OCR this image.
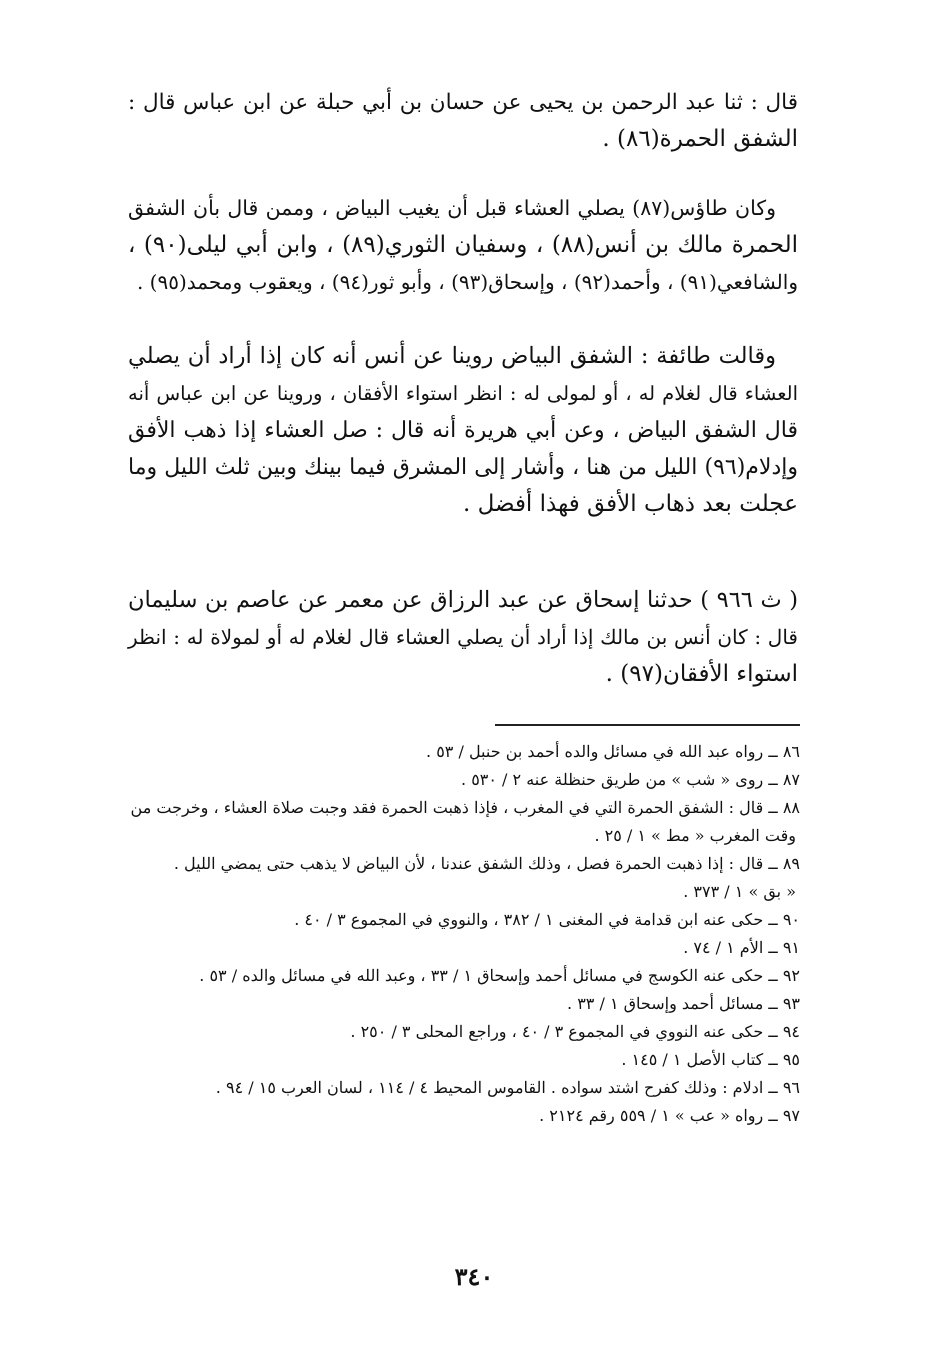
قال : ثنا عبد الرحمن بن يحيى عن حسان بن أبي حبلة عن ابن عباس قال :
الشفق الحمرة(٨٦) .
وكان طاؤس(٨٧) يصلي العشاء قبل أن يغيب البياض ، وممن قال بأن الشفق
الحمرة مالك بن أنس(٨٨) ، وسفيان الثوري(٨٩) ، وابن أبي ليلى(٩٠) ،
والشافعي(٩١) ، وأحمد(٩٢) ، وإسحاق(٩٣) ، وأبو ثور(٩٤) ، ويعقوب ومحمد(٩٥) .
وقالت طائفة : الشفق البياض روينا عن أنس أنه كان إذا أراد أن يصلي
العشاء قال لغلام له ، أو لمولى له : انظر استواء الأفقان ، وروينا عن ابن عباس أنه
قال الشفق البياض ، وعن أبي هريرة أنه قال : صل العشاء إذا ذهب الأفق
وإدلام(٩٦) الليل من هنا ، وأشار إلى المشرق فيما بينك وبين ثلث الليل وما
عجلت بعد ذهاب الأفق فهذا أفضل .
( ث ٩٦٦ ) حدثنا إسحاق عن عبد الرزاق عن معمر عن عاصم بن سليمان
قال : كان أنس بن مالك إذا أراد أن يصلي العشاء قال لغلام له أو لمولاة له : انظر
استواء الأفقان(٩٧) .
٨٦ ــ رواه عبد الله في مسائل والده أحمد بن حنبل / ٥٣ .
٨٧ ــ روى « شب » من طريق حنظلة عنه ٢ / ٥٣٠ .
٨٨ ــ قال : الشفق الحمرة التي في المغرب ، فإذا ذهبت الحمرة فقد وجبت صلاة العشاء ، وخرجت من
وقت المغرب « مط » ١ / ٢٥ .
٨٩ ــ قال : إذا ذهبت الحمرة فصل ، وذلك الشفق عندنا ، لأن البياض لا يذهب حتى يمضي الليل .
« بق » ١ / ٣٧٣ .
٩٠ ــ حكى عنه ابن قدامة في المغنى ١ / ٣٨٢ ، والنووي في المجموع ٣ / ٤٠ .
٩١ ــ الأم ١ / ٧٤ .
٩٢ ــ حكى عنه الكوسج في مسائل أحمد وإسحاق ١ / ٣٣ ، وعبد الله في مسائل والده / ٥٣ .
٩٣ ــ مسائل أحمد وإسحاق ١ / ٣٣ .
٩٤ ــ حكى عنه النووي في المجموع ٣ / ٤٠ ، وراجع المحلى ٣ / ٢٥٠ .
٩٥ ــ كتاب الأصل ١ / ١٤٥ .
٩٦ ــ ادلام : وذلك كفرح اشتد سواده . القاموس المحيط ٤ / ١١٤ ، لسان العرب ١٥ / ٩٤ .
٩٧ ــ رواه « عب » ١ / ٥٥٩ رقم ٢١٢٤ .
٣٤٠
